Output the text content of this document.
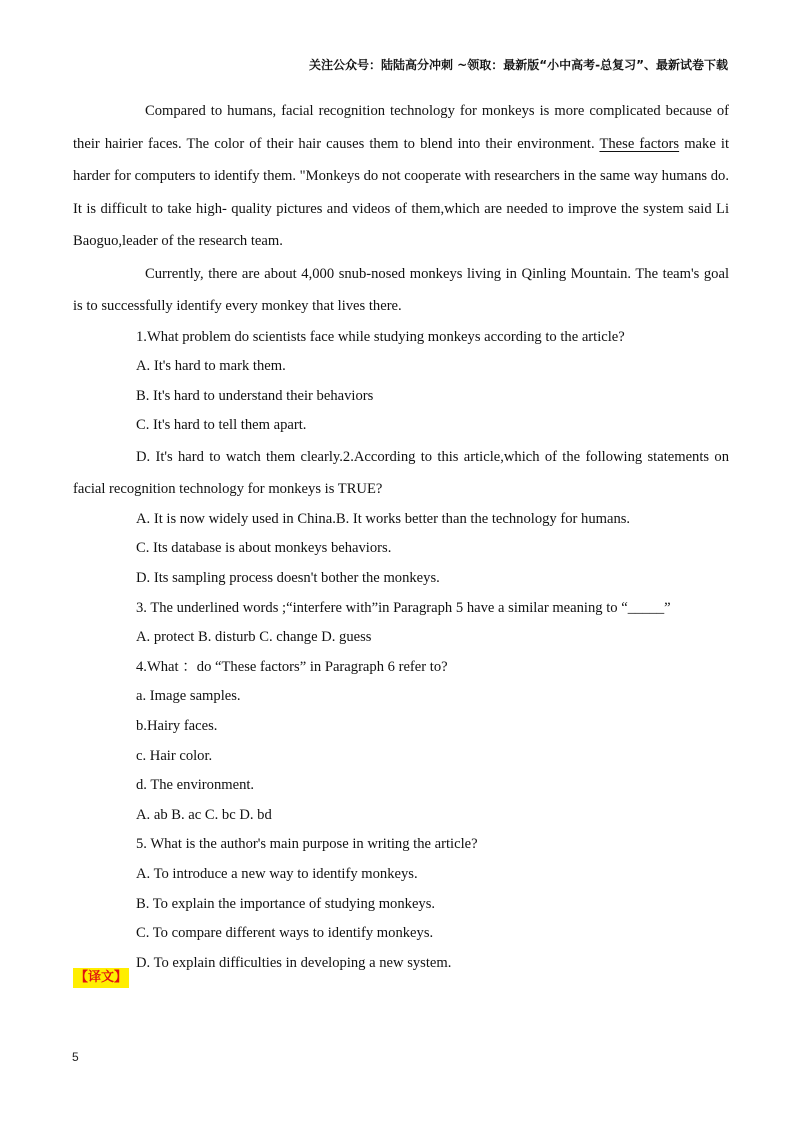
关注公众号：陆陆高分冲刺 ~领取：最新版“小中高考-总复习”、最新试卷下载

Compared to humans, facial recognition technology for monkeys is more complicated because of their hairier faces. The color of their hair causes them to blend into their environment. These factors make it harder for computers to identify them. "Monkeys do not cooperate with researchers in the same way humans do. It is difficult to take high- quality pictures and videos of them,which are needed to improve the system said Li Baoguo,leader of the research team.

Currently, there are about 4,000 snub-nosed monkeys living in Qinling Mountain. The team's goal is to successfully identify every monkey that lives there.

1.What problem do scientists face while studying monkeys according to the article?

A. It's hard to mark them.

B. It's hard to understand their behaviors

C. It's hard to tell them apart.

D. It's hard to watch them clearly.2.According to this article,which of the following statements on facial recognition technology for monkeys is TRUE?

A. It is now widely used in China.B. It works better than the technology for humans.

C. Its database is about monkeys behaviors.

D. Its sampling process doesn't bother the monkeys.

3. The underlined words ;“interfere with”in Paragraph 5 have a similar meaning to “_____”

A. protect B. disturb C. change D. guess

4.What ：do “These factors” in Paragraph 6 refer to?

a. Image samples.

b.Hairy faces.

c. Hair color.

d. The environment.

A. ab B. ac C. bc D. bd

5. What is the author's main purpose in writing the article?

A. To introduce a new way to identify monkeys.

B. To explain the importance of studying monkeys.

C. To compare different ways to identify monkeys.

D. To explain difficulties in developing a new system.

【译文】
5
